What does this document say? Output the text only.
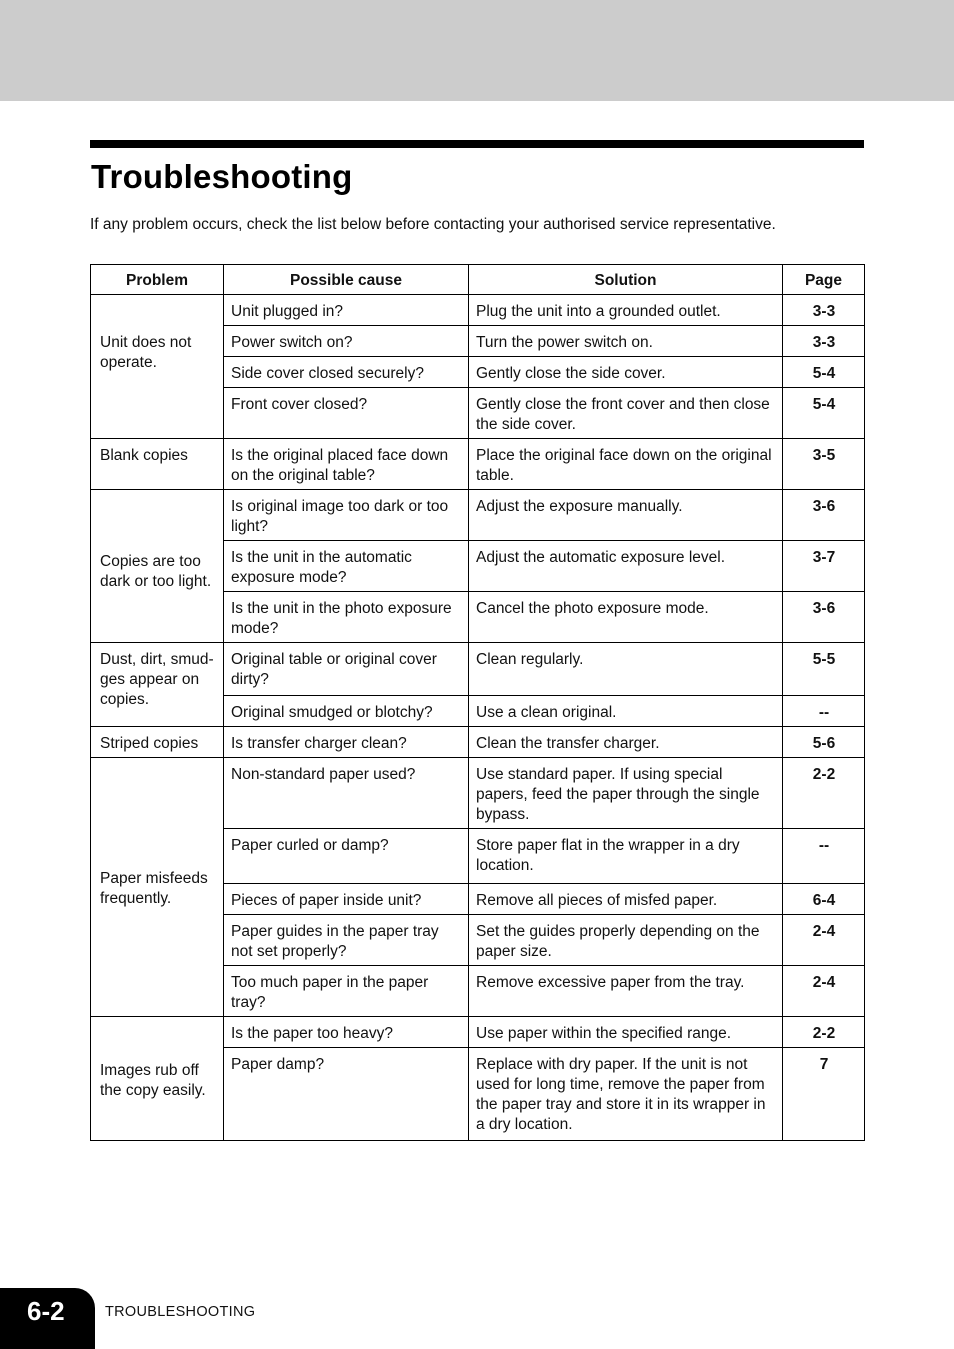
Troubleshooting

If any problem occurs, check the list below before contacting your authorised service representative.

Problem	Possible cause	Solution	Page
Unit does not operate.	Unit plugged in?	Plug the unit into a grounded outlet.	3-3
	Power switch on?	Turn the power switch on.	3-3
	Side cover closed securely?	Gently close the side cover.	5-4
	Front cover closed?	Gently close the front cover and then close the side cover.	5-4
Blank copies	Is the original placed face down on the original table?	Place the original face down on the original table.	3-5
Copies are too dark or too light.	Is original image too dark or too light?	Adjust the exposure manually.	3-6
	Is the unit in the automatic exposure mode?	Adjust the automatic exposure level.	3-7
	Is the unit in the photo exposure mode?	Cancel the photo exposure mode.	3-6
Dust, dirt, smud-ges appear on copies.	Original table or original cover dirty?	Clean regularly.	5-5
	Original smudged or blotchy?	Use a clean original.	--
Striped copies	Is transfer charger clean?	Clean the transfer charger.	5-6
Paper misfeeds frequently.	Non-standard paper used?	Use standard paper. If using special papers, feed the paper through the single bypass.	2-2
	Paper curled or damp?	Store paper flat in the wrapper in a dry location.	--
	Pieces of paper inside unit?	Remove all pieces of misfed paper.	6-4
	Paper guides in the paper tray not set properly?	Set the guides properly depending on the paper size.	2-4
	Too much paper in the paper tray?	Remove excessive paper from the tray.	2-4
Images rub off the copy easily.	Is the paper too heavy?	Use paper within the specified range.	2-2
	Paper damp?	Replace with dry paper. If the unit is not used for long time, remove the paper from the paper tray and store it in its wrapper in a dry location.	7
6-2	TROUBLESHOOTING
